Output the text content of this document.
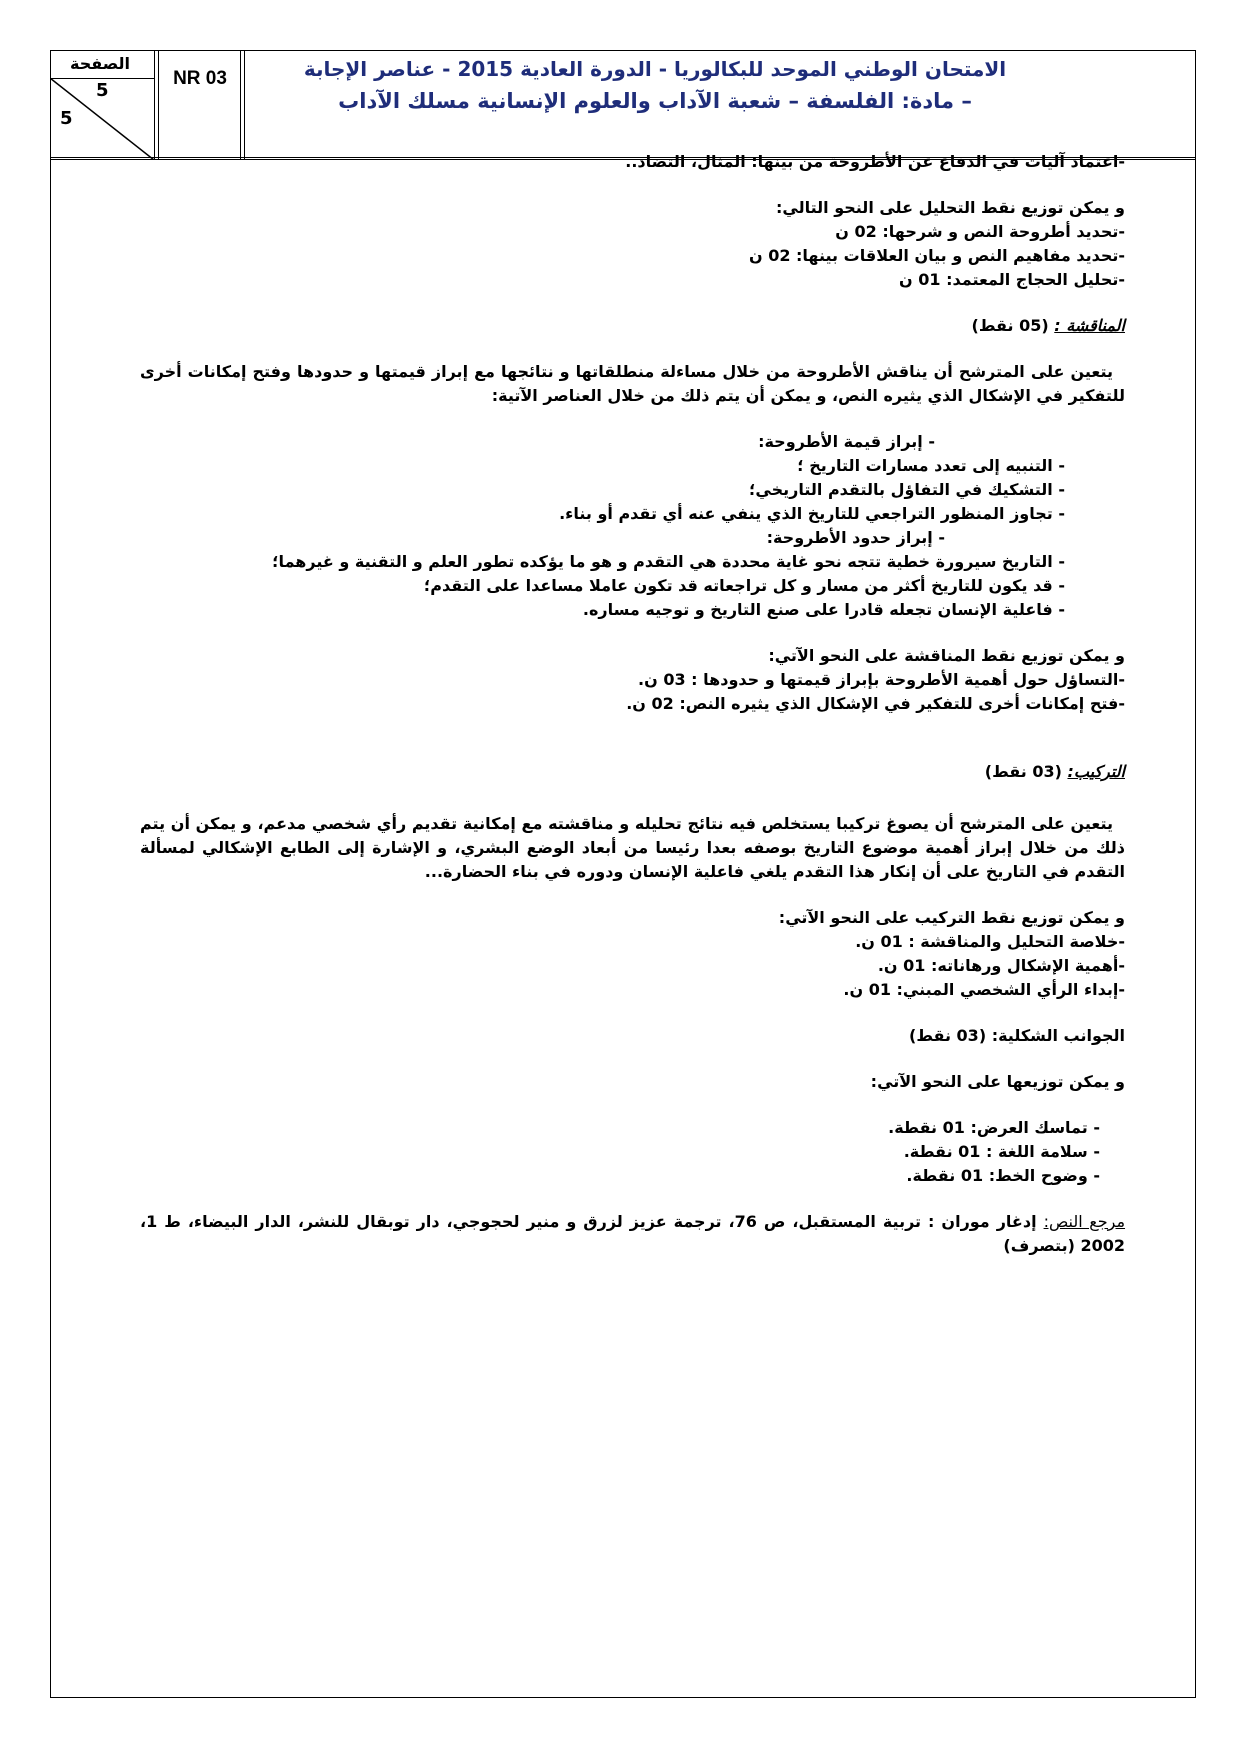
الصفحة
5
5
NR 03	الامتحان الوطني الموحد للبكالوريا - الدورة العادية 2015 - عناصر الإجابة
– مادة: الفلسفة – شعبة الآداب والعلوم الإنسانية مسلك الآداب

-اعتماد آليات في الدفاع عن الأطروحة من بينها: المثال، التضاد..

و يمكن توزيع نقط التحليل على النحو التالي:

-تحديد أطروحة النص و شرحها: 02 ن

-تحديد مفاهيم النص و بيان العلاقات بينها: 02 ن

-تحليل الحجاج المعتمد: 01 ن

المناقشة : (05 نقط)

يتعين على المترشح أن يناقش الأطروحة من خلال مساءلة منطلقاتها و نتائجها مع إبراز قيمتها و حدودها وفتح إمكانات أخرى للتفكير في الإشكال الذي يثيره النص، و يمكن أن يتم ذلك من خلال العناصر الآتية:

- إبراز قيمة الأطروحة:

- التنبيه إلى تعدد مسارات التاريخ ؛

- التشكيك في التفاؤل بالتقدم التاريخي؛

- تجاوز المنظور التراجعي للتاريخ الذي ينفي عنه أي تقدم أو بناء.

- إبراز حدود الأطروحة:

- التاريخ سيرورة خطية تتجه نحو غاية محددة هي التقدم و هو ما يؤكده تطور العلم و التقنية و غيرهما؛

- قد يكون للتاريخ أكثر من مسار و كل تراجعاته قد تكون عاملا مساعدا على التقدم؛

- فاعلية الإنسان تجعله قادرا على صنع التاريخ و توجيه مساره.

و يمكن توزيع نقط المناقشة على النحو الآتي:

-التساؤل حول أهمية الأطروحة بإبراز قيمتها و حدودها : 03 ن.

-فتح إمكانات أخرى للتفكير في الإشكال الذي يثيره النص: 02 ن.

التركيب: (03 نقط)

يتعين على المترشح أن يصوغ تركيبا يستخلص فيه نتائج تحليله و مناقشته مع إمكانية تقديم رأي شخصي مدعم، و يمكن أن يتم ذلك من خلال إبراز أهمية موضوع التاريخ بوصفه بعدا رئيسا من أبعاد الوضع البشري، و الإشارة إلى الطابع الإشكالي لمسألة التقدم في التاريخ على أن إنكار هذا التقدم يلغي فاعلية الإنسان ودوره في بناء الحضارة...

و يمكن توزيع نقط التركيب على النحو الآتي:

-خلاصة التحليل والمناقشة : 01 ن.

-أهمية الإشكال ورهاناته: 01 ن.

-إبداء الرأي الشخصي المبني: 01 ن.

الجوانب الشكلية: (03 نقط)

و يمكن توزيعها على النحو الآتي:

- تماسك العرض: 01 نقطة.

- سلامة اللغة : 01 نقطة.

- وضوح الخط: 01 نقطة.

مرجع النص: إدغار موران : تربية المستقبل، ص 76، ترجمة عزيز لزرق و منير لحجوجي، دار توبقال للنشر، الدار البيضاء، ط 1، 2002 (بتصرف)
